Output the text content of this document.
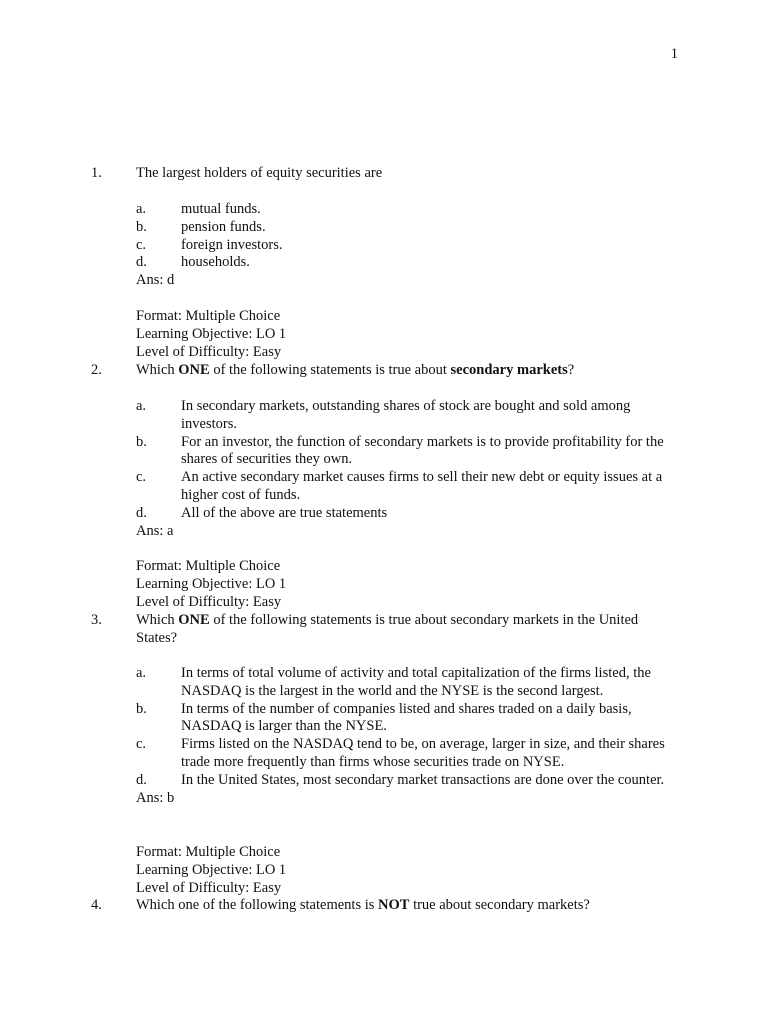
1
1. The largest holders of equity securities are
a.	mutual funds.
b.	pension funds.
c.	foreign investors.
d.	households.
Ans: d
Format: Multiple Choice
Learning Objective: LO 1
Level of Difficulty: Easy
2. Which ONE of the following statements is true about secondary markets?
a.	In secondary markets, outstanding shares of stock are bought and sold among investors.
b.	For an investor, the function of secondary markets is to provide profitability for the shares of securities they own.
c.	An active secondary market causes firms to sell their new debt or equity issues at a higher cost of funds.
d.	All of the above are true statements
Ans: a
Format: Multiple Choice
Learning Objective: LO 1
Level of Difficulty: Easy
3. Which ONE of the following statements is true about secondary markets in the United States?
a.	In terms of total volume of activity and total capitalization of the firms listed, the NASDAQ is the largest in the world and the NYSE is the second largest.
b.	In terms of the number of companies listed and shares traded on a daily basis, NASDAQ is larger than the NYSE.
c.	Firms listed on the NASDAQ tend to be, on average, larger in size, and their shares trade more frequently than firms whose securities trade on NYSE.
d.	In the United States, most secondary market transactions are done over the counter.
Ans: b
Format: Multiple Choice
Learning Objective: LO 1
Level of Difficulty: Easy
4. Which one of the following statements is NOT true about secondary markets?
